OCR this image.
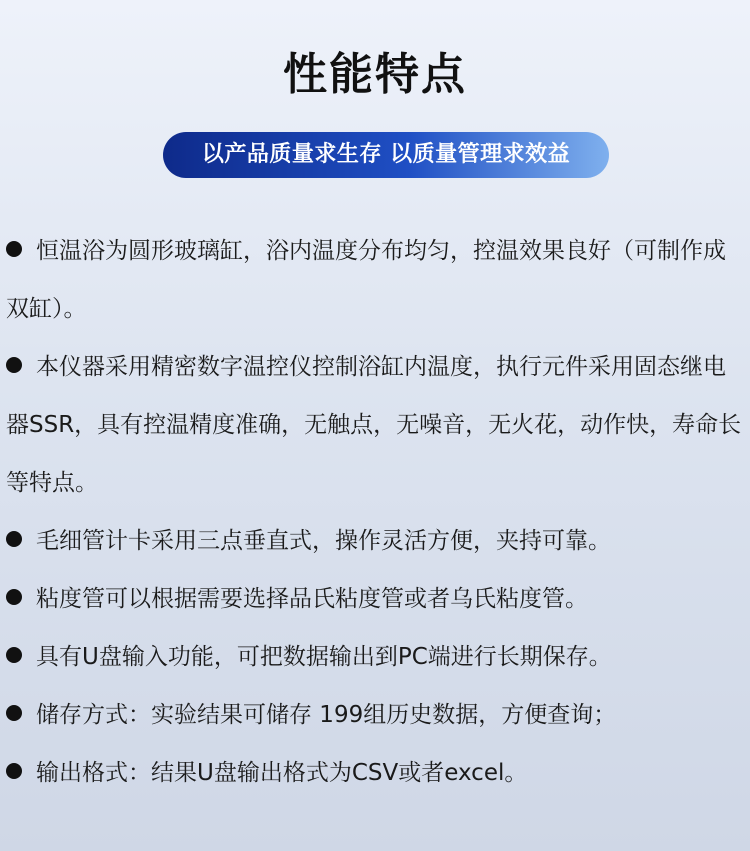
性能特点
以产品质量求生存 以质量管理求效益
恒温浴为圆形玻璃缸，浴内温度分布均匀，控温效果良好（可制作成双缸）。
本仪器采用精密数字温控仪控制浴缸内温度，执行元件采用固态继电器SSR，具有控温精度准确，无触点，无噪音，无火花，动作快，寿命长等特点。
毛细管计卡采用三点垂直式，操作灵活方便，夹持可靠。
粘度管可以根据需要选择品氏粘度管或者乌氏粘度管。
具有U盘输入功能，可把数据输出到PC端进行长期保存。
储存方式：实验结果可储存 199组历史数据，方便查询；
输出格式：结果U盘输出格式为CSV或者excel。
